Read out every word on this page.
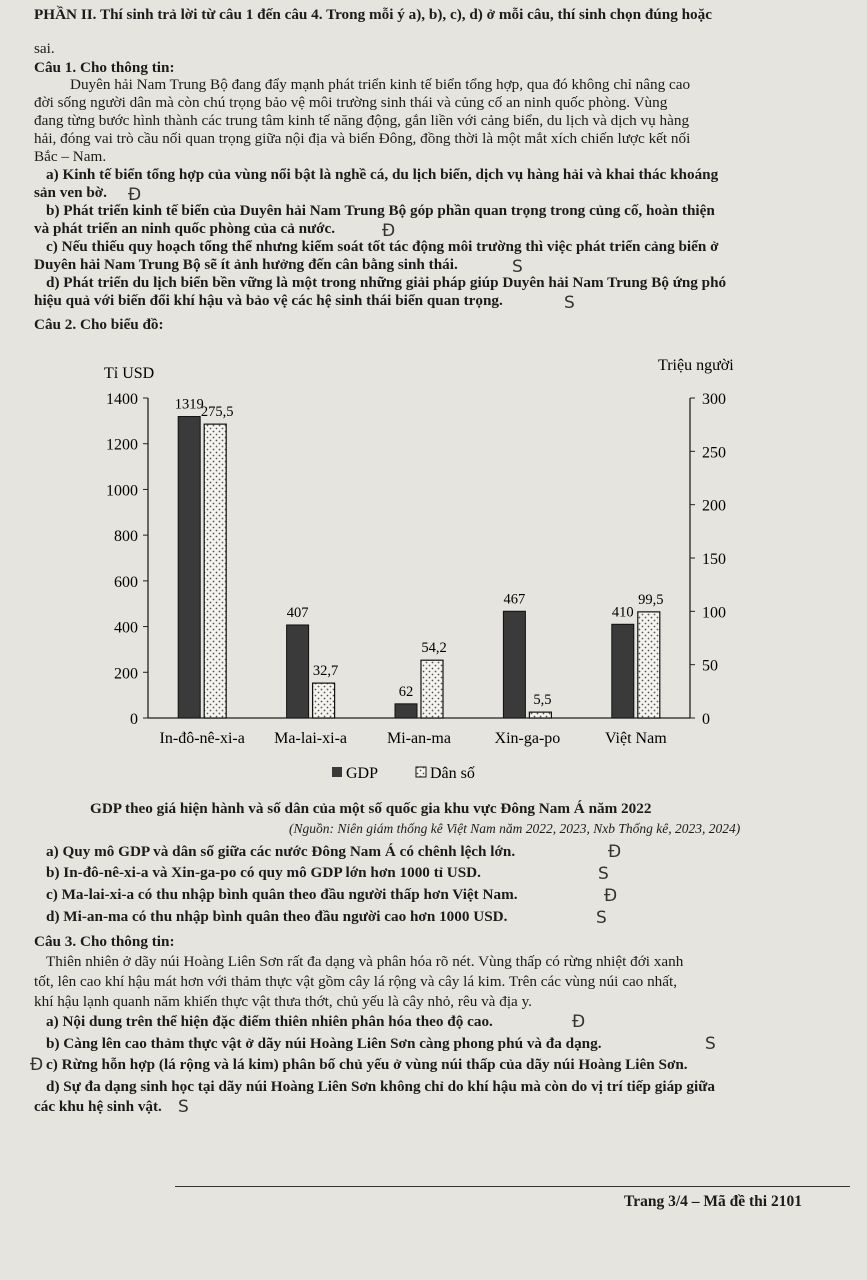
PHẦN II. Thí sinh trả lời từ câu 1 đến câu 4. Trong mỗi ý a), b), c), d) ở mỗi câu, thí sinh chọn đúng hoặc
sai.
Câu 1. Cho thông tin:
Duyên hải Nam Trung Bộ đang đẩy mạnh phát triển kinh tế biển tổng hợp, qua đó không chỉ nâng cao
đời sống người dân mà còn chú trọng bảo vệ môi trường sinh thái và củng cố an ninh quốc phòng. Vùng
đang từng bước hình thành các trung tâm kinh tế năng động, gắn liền với cảng biển, du lịch và dịch vụ hàng
hải, đóng vai trò cầu nối quan trọng giữa nội địa và biển Đông, đồng thời là một mắt xích chiến lược kết nối
Bắc – Nam.
a) Kinh tế biển tổng hợp của vùng nổi bật là nghề cá, du lịch biển, dịch vụ hàng hải và khai thác khoáng
sản ven bờ. Đ
b) Phát triển kinh tế biển của Duyên hải Nam Trung Bộ góp phần quan trọng trong củng cố, hoàn thiện
và phát triển an ninh quốc phòng của cả nước.	Đ
c) Nếu thiếu quy hoạch tổng thể nhưng kiểm soát tốt tác động môi trường thì việc phát triển cảng biển ở
Duyên hải Nam Trung Bộ sẽ ít ảnh hưởng đến cân bằng sinh thái.	S
d) Phát triển du lịch biển bền vững là một trong những giải pháp giúp Duyên hải Nam Trung Bộ ứng phó
hiệu quả với biến đổi khí hậu và bảo vệ các hệ sinh thái biển quan trọng.	S
Câu 2. Cho biểu đồ:
0
200
400
600
800
1000
1200
1400
0
50
100
150
200
250
300
Tỉ USD	Triệu người
1319
275,5
In-đô-nê-xi-a
407
32,7
Ma-lai-xi-a
62
54,2
Mi-an-ma
467
5,5
Xin-ga-po
410
99,5
Việt Nam
GDP	Dân số
GDP theo giá hiện hành và số dân của một số quốc gia khu vực Đông Nam Á năm 2022
(Nguồn: Niên giám thống kê Việt Nam năm 2022, 2023, Nxb Thống kê, 2023, 2024)
a) Quy mô GDP và dân số giữa các nước Đông Nam Á có chênh lệch lớn.	Đ
b) In-đô-nê-xi-a và Xin-ga-po có quy mô GDP lớn hơn 1000 tỉ USD.	S
c) Ma-lai-xi-a có thu nhập bình quân theo đầu người thấp hơn Việt Nam.	Đ
d) Mi-an-ma có thu nhập bình quân theo đầu người cao hơn 1000 USD.	S
Câu 3. Cho thông tin:
Thiên nhiên ở dãy núi Hoàng Liên Sơn rất đa dạng và phân hóa rõ nét. Vùng thấp có rừng nhiệt đới xanh
tốt, lên cao khí hậu mát hơn với thảm thực vật gồm cây lá rộng và cây lá kim. Trên các vùng núi cao nhất,
khí hậu lạnh quanh năm khiến thực vật thưa thớt, chủ yếu là cây nhỏ, rêu và địa y.
a) Nội dung trên thể hiện đặc điểm thiên nhiên phân hóa theo độ cao.	Đ
b) Càng lên cao thảm thực vật ở dãy núi Hoàng Liên Sơn càng phong phú và đa dạng.	S
Đ c) Rừng hỗn hợp (lá rộng và lá kim) phân bố chủ yếu ở vùng núi thấp của dãy núi Hoàng Liên Sơn.
d) Sự đa dạng sinh học tại dãy núi Hoàng Liên Sơn không chỉ do khí hậu mà còn do vị trí tiếp giáp giữa
các khu hệ sinh vật. S
Trang 3/4 – Mã đề thi 2101
